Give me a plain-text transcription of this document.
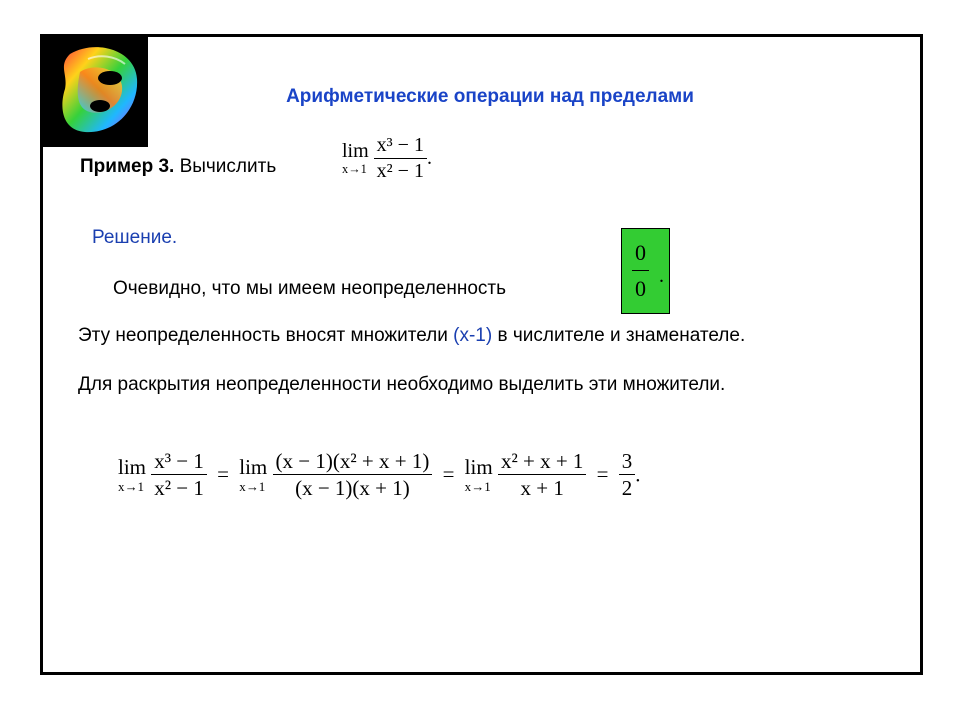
Арифметические операции над пределами
Пример 3. Вычислить
lim
x→1
$\frac{\text{x³ − 1}}{\text{x² − 1}}$ .
Решение.
Очевидно, что мы имеем неопределенность	$\frac{0}{0}$ .
Эту неопределенность вносят множители (x-1) в числителе и знаменателе.
Для раскрытия неопределенности необходимо выделить эти множители.
lim
x→1
$\frac{\text{x³ − 1}}{\text{x² − 1}} = \lim$
x→1
$\frac{\text{(x − 1)(x² + x + 1)}}{(x - 1)(x + 1)} = \lim$
x→1
$\frac{\text{x² + x + 1}}{x + 1} = \frac{3}{2}$ .
